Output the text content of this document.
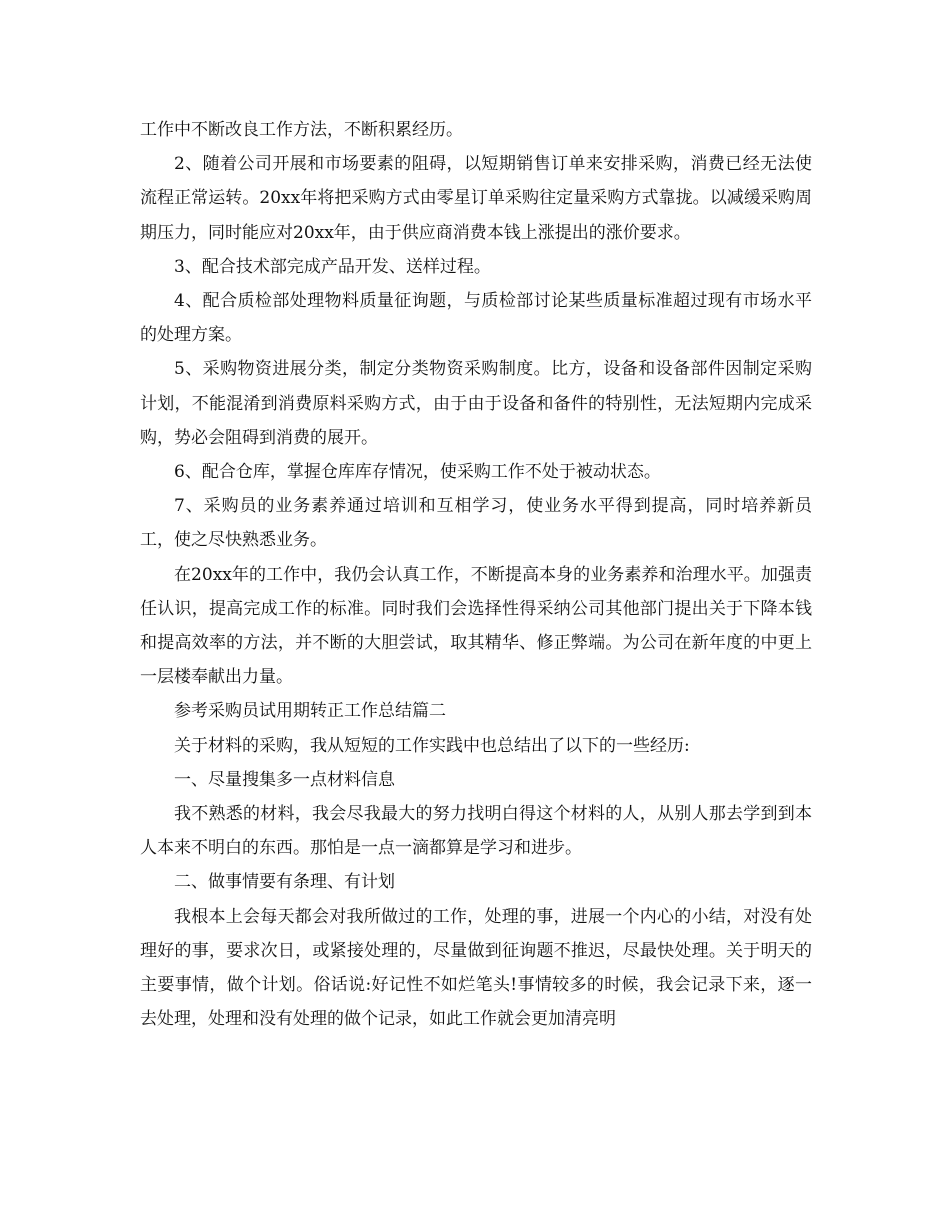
工作中不断改良工作方法，不断积累经历。

2、随着公司开展和市场要素的阻碍，以短期销售订单来安排采购，消费已经无法使流程正常运转。20xx年将把采购方式由零星订单采购往定量采购方式靠拢。以减缓采购周期压力，同时能应对20xx年，由于供应商消费本钱上涨提出的涨价要求。

3、配合技术部完成产品开发、送样过程。

4、配合质检部处理物料质量征询题，与质检部讨论某些质量标准超过现有市场水平的处理方案。

5、采购物资进展分类，制定分类物资采购制度。比方，设备和设备部件因制定采购计划，不能混淆到消费原料采购方式，由于由于设备和备件的特别性，无法短期内完成采购，势必会阻碍到消费的展开。

6、配合仓库，掌握仓库库存情况，使采购工作不处于被动状态。

7、采购员的业务素养通过培训和互相学习，使业务水平得到提高，同时培养新员工，使之尽快熟悉业务。

在20xx年的工作中，我仍会认真工作，不断提高本身的业务素养和治理水平。加强责任认识，提高完成工作的标准。同时我们会选择性得采纳公司其他部门提出关于下降本钱和提高效率的方法，并不断的大胆尝试，取其精华、修正弊端。为公司在新年度的中更上一层楼奉献出力量。

参考采购员试用期转正工作总结篇二

关于材料的采购，我从短短的工作实践中也总结出了以下的一些经历:

一、尽量搜集多一点材料信息

我不熟悉的材料，我会尽我最大的努力找明白得这个材料的人，从别人那去学到到本人本来不明白的东西。那怕是一点一滴都算是学习和进步。

二、做事情要有条理、有计划

我根本上会每天都会对我所做过的工作，处理的事，进展一个内心的小结，对没有处理好的事，要求次日，或紧接处理的，尽量做到征询题不推迟，尽最快处理。关于明天的主要事情，做个计划。俗话说:好记性不如烂笔头!事情较多的时候，我会记录下来，逐一去处理，处理和没有处理的做个记录，如此工作就会更加清亮明
